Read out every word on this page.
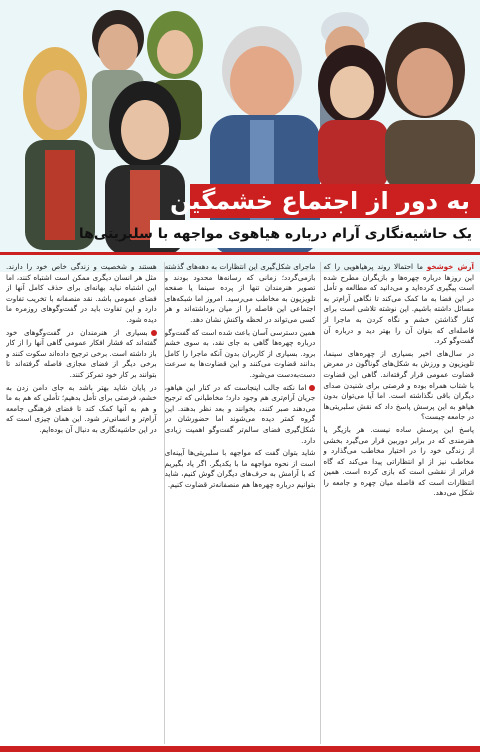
به دور از اجتماع خشمگین
یک حاشیه‌نگاری آرام درباره‌ هیاهوی مواجهه با سلبریتی‌ها

آرش خوشخو ما احتمالا روند پرهیاهویی را که این روزها درباره چهره‌ها و بازیگران مطرح شده است پیگیری کرده‌اید و می‌دانید که مطالعه و تأمل در این فضا به ما کمک می‌کند تا نگاهی آرام‌تر به مسائل داشته باشیم. این نوشته تلاشی است برای کنار گذاشتن خشم و نگاه کردن به ماجرا از فاصله‌ای که بتوان آن را بهتر دید و درباره آن گفت‌وگو کرد.

در سال‌های اخیر بسیاری از چهره‌های سینما، تلویزیون و ورزش به شکل‌های گوناگون در معرض قضاوت عمومی قرار گرفته‌اند. گاهی این قضاوت با شتاب همراه بوده و فرصتی برای شنیدن صدای دیگران باقی نگذاشته است. اما آیا می‌توان بدون هیاهو به این پرسش پاسخ داد که نقش سلبریتی‌ها در جامعه چیست؟

پاسخ این پرسش ساده نیست. هر بازیگر یا هنرمندی که در برابر دوربین قرار می‌گیرد بخشی از زندگی خود را در اختیار مخاطب می‌گذارد و مخاطب نیز از او انتظاراتی پیدا می‌کند که گاه فراتر از نقشی است که بازی کرده است. همین انتظارات است که فاصله میان چهره و جامعه را شکل می‌دهد.

ماجرای شکل‌گیری این انتظارات به دهه‌های گذشته بازمی‌گردد؛ زمانی که رسانه‌ها محدود بودند و تصویر هنرمندان تنها از پرده سینما یا صفحه تلویزیون به مخاطب می‌رسید. امروز اما شبکه‌های اجتماعی این فاصله را از میان برداشته‌اند و هر کسی می‌تواند در لحظه واکنش نشان دهد.

همین دسترسی آسان باعث شده است که گفت‌وگو درباره چهره‌ها گاهی به جای نقد، به سوی خشم برود. بسیاری از کاربران بدون آنکه ماجرا را کامل بدانند قضاوت می‌کنند و این قضاوت‌ها به سرعت دست‌به‌دست می‌شود.

اما نکته جالب اینجاست که در کنار این هیاهو، جریان آرام‌تری هم وجود دارد؛ مخاطبانی که ترجیح می‌دهند صبر کنند، بخوانند و بعد نظر بدهند. این گروه کمتر دیده می‌شوند اما حضورشان در شکل‌گیری فضای سالم‌تر گفت‌وگو اهمیت زیادی دارد.

شاید بتوان گفت که مواجهه با سلبریتی‌ها آیینه‌ای است از نحوه مواجهه ما با یکدیگر. اگر یاد بگیریم که با آرامش به حرف‌های دیگران گوش کنیم، شاید بتوانیم درباره چهره‌ها هم منصفانه‌تر قضاوت کنیم.

هستند و شخصیت و زندگی خاص خود را دارند. مثل هر انسان دیگری ممکن است اشتباه کنند، اما این اشتباه نباید بهانه‌ای برای حذف کامل آنها از فضای عمومی باشد. نقد منصفانه با تخریب تفاوت دارد و این تفاوت باید در گفت‌وگوهای روزمره ما دیده شود.

بسیاری از هنرمندان در گفت‌وگوهای خود گفته‌اند که فشار افکار عمومی گاهی آنها را از کار باز داشته است. برخی ترجیح داده‌اند سکوت کنند و برخی دیگر از فضای مجازی فاصله گرفته‌اند تا بتوانند بر کار خود تمرکز کنند.

در پایان شاید بهتر باشد به جای دامن زدن به خشم، فرصتی برای تأمل بدهیم؛ تأملی که هم به ما و هم به آنها کمک کند تا فضای فرهنگی جامعه آرام‌تر و انسانی‌تر شود. این همان چیزی است که در این حاشیه‌نگاری به دنبال آن بوده‌ایم.
